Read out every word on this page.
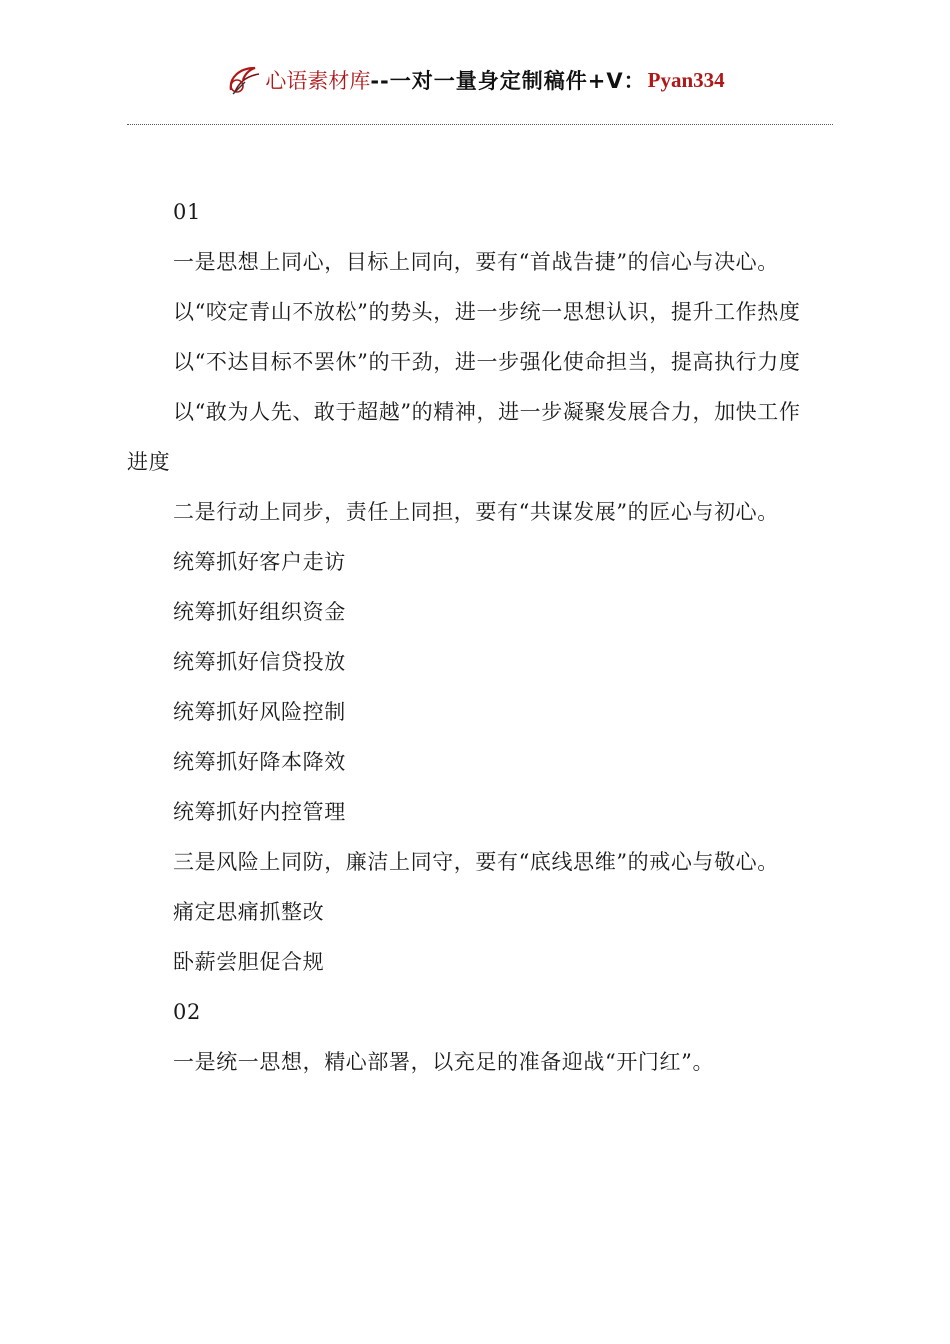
心语素材库 --一对一量身定制稿件+V： Pyan334

01

一是思想上同心，目标上同向，要有“首战告捷”的信心与决心。

以“咬定青山不放松”的势头，进一步统一思想认识，提升工作热度

以“不达目标不罢休”的干劲，进一步强化使命担当，提高执行力度

以“敢为人先、敢于超越”的精神，进一步凝聚发展合力，加快工作进度

二是行动上同步，责任上同担，要有“共谋发展”的匠心与初心。

统筹抓好客户走访

统筹抓好组织资金

统筹抓好信贷投放

统筹抓好风险控制

统筹抓好降本降效

统筹抓好内控管理

三是风险上同防，廉洁上同守，要有“底线思维”的戒心与敬心。

痛定思痛抓整改

卧薪尝胆促合规

02

一是统一思想，精心部署，以充足的准备迎战“开门红”。
